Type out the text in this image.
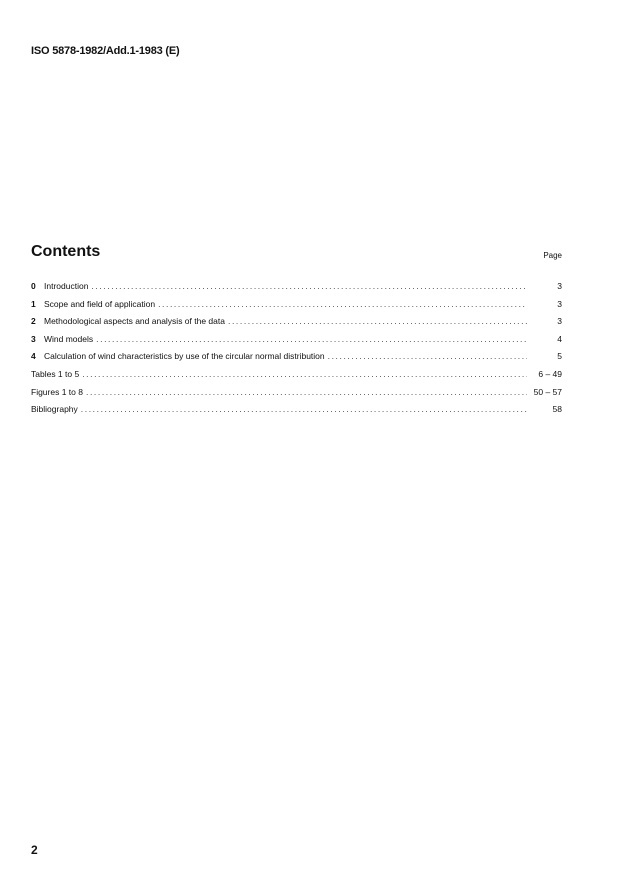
ISO 5878-1982/Add.1-1983 (E)
Contents	Page
0 Introduction .....	3
1 Scope and field of application .....	3
2 Methodological aspects and analysis of the data .....	3
3 Wind models .....	4
4 Calculation of wind characteristics by use of the circular normal distribution .....	5
Tables 1 to 5 .....	6 – 49
Figures 1 to 8 .....	50 – 57
Bibliography .....	58
2
